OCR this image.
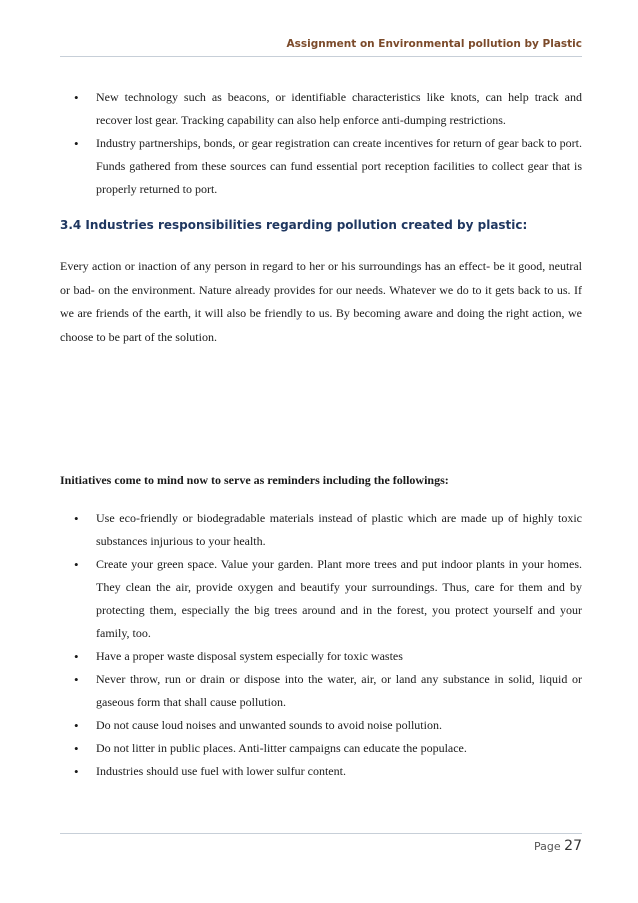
Assignment on Environmental pollution by Plastic
• New technology such as beacons, or identifiable characteristics like knots, can help track and recover lost gear. Tracking capability can also help enforce anti-dumping restrictions.
• Industry partnerships, bonds, or gear registration can create incentives for return of gear back to port. Funds gathered from these sources can fund essential port reception facilities to collect gear that is properly returned to port.
3.4 Industries responsibilities regarding pollution created by plastic:

Every action or inaction of any person in regard to her or his surroundings has an effect- be it good, neutral or bad- on the environment. Nature already provides for our needs. Whatever we do to it gets back to us. If we are friends of the earth, it will also be friendly to us. By becoming aware and doing the right action, we choose to be part of the solution.

Initiatives come to mind now to serve as reminders including the followings:

• Use eco-friendly or biodegradable materials instead of plastic which are made up of highly toxic substances injurious to your health.
• Create your green space. Value your garden. Plant more trees and put indoor plants in your homes. They clean the air, provide oxygen and beautify your surroundings. Thus, care for them and by protecting them, especially the big trees around and in the forest, you protect yourself and your family, too.
• Have a proper waste disposal system especially for toxic wastes
• Never throw, run or drain or dispose into the water, air, or land any substance in solid, liquid or gaseous form that shall cause pollution.
• Do not cause loud noises and unwanted sounds to avoid noise pollution.
• Do not litter in public places. Anti-litter campaigns can educate the populace.
• Industries should use fuel with lower sulfur content.
Page 27
